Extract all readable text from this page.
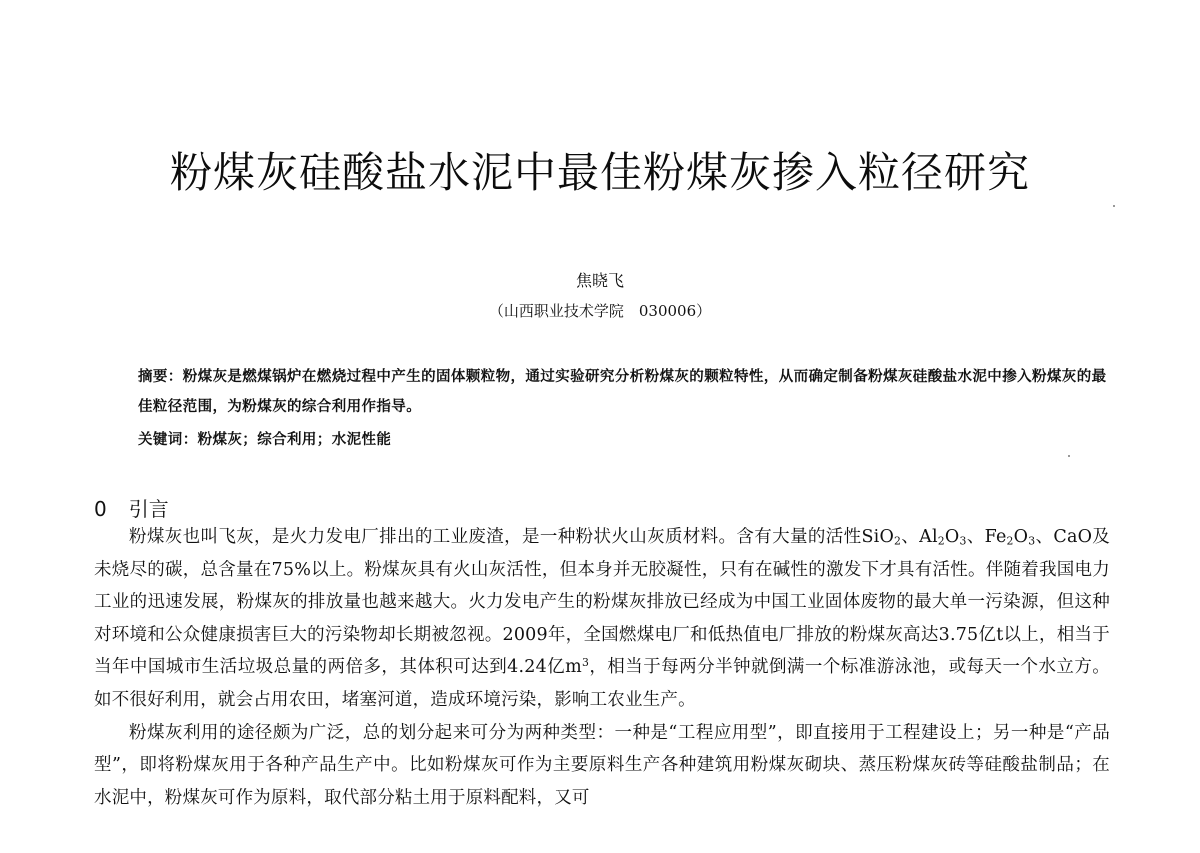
粉煤灰硅酸盐水泥中最佳粉煤灰掺入粒径研究
焦晓飞
（山西职业技术学院　030006）
摘要：粉煤灰是燃煤锅炉在燃烧过程中产生的固体颗粒物，通过实验研究分析粉煤灰的颗粒特性，从而确定制备粉煤灰硅酸盐水泥中掺入粉煤灰的最佳粒径范围，为粉煤灰的综合利用作指导。
关键词：粉煤灰；综合利用；水泥性能
0 引言

粉煤灰也叫飞灰，是火力发电厂排出的工业废渣，是一种粉状火山灰质材料。含有大量的活性SiO$_2$、$Al_2O_3$、$Fe_2O_3$、CaO及未烧尽的碳，总含量在75%以上。粉煤灰具有火山灰活性，但本身并无胶凝性，只有在碱性的激发下才具有活性。伴随着我国电力工业的迅速发展，粉煤灰的排放量也越来越大。火力发电产生的粉煤灰排放已经成为中国工业固体废物的最大单一污染源，但这种对环境和公众健康损害巨大的污染物却长期被忽视。2009年，全国燃煤电厂和低热值电厂排放的粉煤灰高达3.75亿t以上，相当于当年中国城市生活垃圾总量的两倍多，其体积可达到4.24亿$m^3$，相当于每两分半钟就倒满一个标准游泳池，或每天一个水立方。如不很好利用，就会占用农田，堵塞河道，造成环境污染，影响工农业生产。

粉煤灰利用的途径颇为广泛，总的划分起来可分为两种类型：一种是“工程应用型”，即直接用于工程建设上；另一种是“产品型”，即将粉煤灰用于各种产品生产中。比如粉煤灰可作为主要原料生产各种建筑用粉煤灰砌块、蒸压粉煤灰砖等硅酸盐制品；在水泥中，粉煤灰可作为原料，取代部分粘土用于原料配料，又可
